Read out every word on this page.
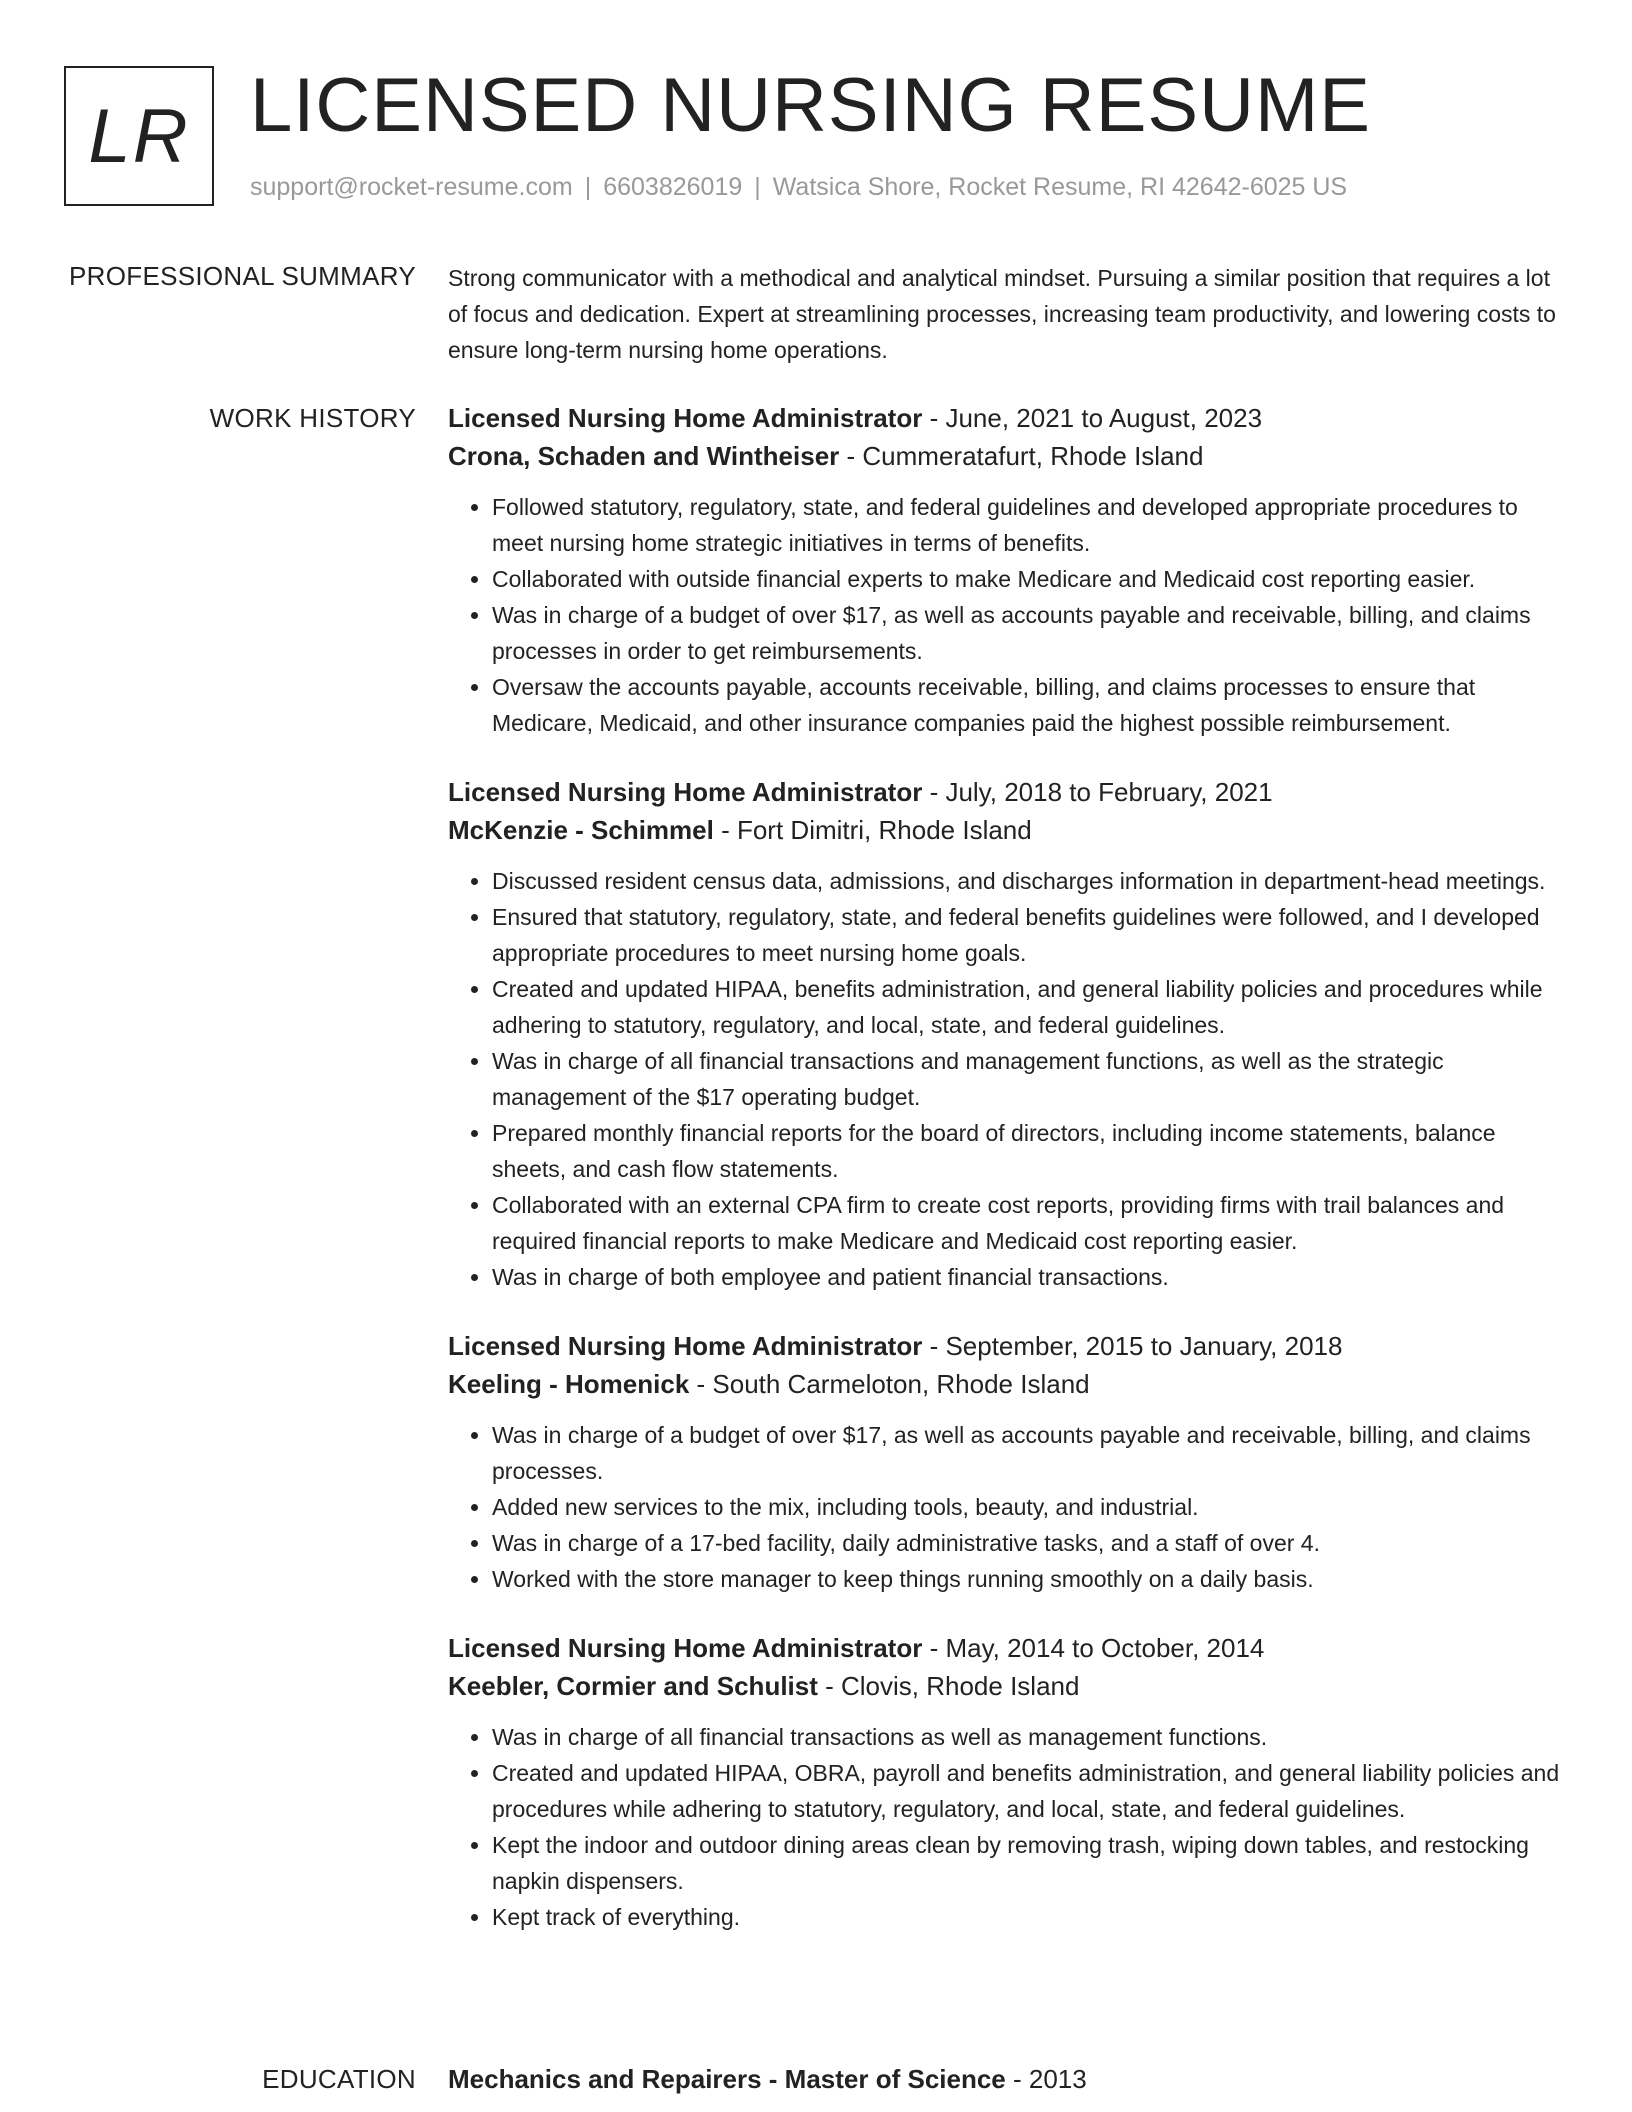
LR LICENSED NURSING RESUME
support@rocket-resume.com | 6603826019 | Watsica Shore, Rocket Resume, RI 42642-6025 US
PROFESSIONAL SUMMARY Strong communicator with a methodical and analytical mindset. Pursuing a similar position that requires a lot of focus and dedication. Expert at streamlining processes, increasing team productivity, and lowering costs to ensure long-term nursing home operations.

WORK HISTORY Licensed Nursing Home Administrator - June, 2021 to August, 2023
Crona, Schaden and Wintheiser - Cummeratafurt, Rhode Island
• Followed statutory, regulatory, state, and federal guidelines and developed appropriate procedures to meet nursing home strategic initiatives in terms of benefits.
• Collaborated with outside financial experts to make Medicare and Medicaid cost reporting easier.
• Was in charge of a budget of over $17, as well as accounts payable and receivable, billing, and claims processes in order to get reimbursements.
• Oversaw the accounts payable, accounts receivable, billing, and claims processes to ensure that Medicare, Medicaid, and other insurance companies paid the highest possible reimbursement.
Licensed Nursing Home Administrator - July, 2018 to February, 2021
McKenzie - Schimmel - Fort Dimitri, Rhode Island
• Discussed resident census data, admissions, and discharges information in department-head meetings.
• Ensured that statutory, regulatory, state, and federal benefits guidelines were followed, and I developed appropriate procedures to meet nursing home goals.
• Created and updated HIPAA, benefits administration, and general liability policies and procedures while adhering to statutory, regulatory, and local, state, and federal guidelines.
• Was in charge of all financial transactions and management functions, as well as the strategic management of the $17 operating budget.
• Prepared monthly financial reports for the board of directors, including income statements, balance sheets, and cash flow statements.
• Collaborated with an external CPA firm to create cost reports, providing firms with trail balances and required financial reports to make Medicare and Medicaid cost reporting easier.
• Was in charge of both employee and patient financial transactions.
Licensed Nursing Home Administrator - September, 2015 to January, 2018
Keeling - Homenick - South Carmeloton, Rhode Island
• Was in charge of a budget of over $17, as well as accounts payable and receivable, billing, and claims processes.
• Added new services to the mix, including tools, beauty, and industrial.
• Was in charge of a 17-bed facility, daily administrative tasks, and a staff of over 4.
• Worked with the store manager to keep things running smoothly on a daily basis.
Licensed Nursing Home Administrator - May, 2014 to October, 2014
Keebler, Cormier and Schulist - Clovis, Rhode Island
• Was in charge of all financial transactions as well as management functions.
• Created and updated HIPAA, OBRA, payroll and benefits administration, and general liability policies and procedures while adhering to statutory, regulatory, and local, state, and federal guidelines.
• Kept the indoor and outdoor dining areas clean by removing trash, wiping down tables, and restocking napkin dispensers.
• Kept track of everything.
EDUCATION Mechanics and Repairers - Master of Science - 2013
